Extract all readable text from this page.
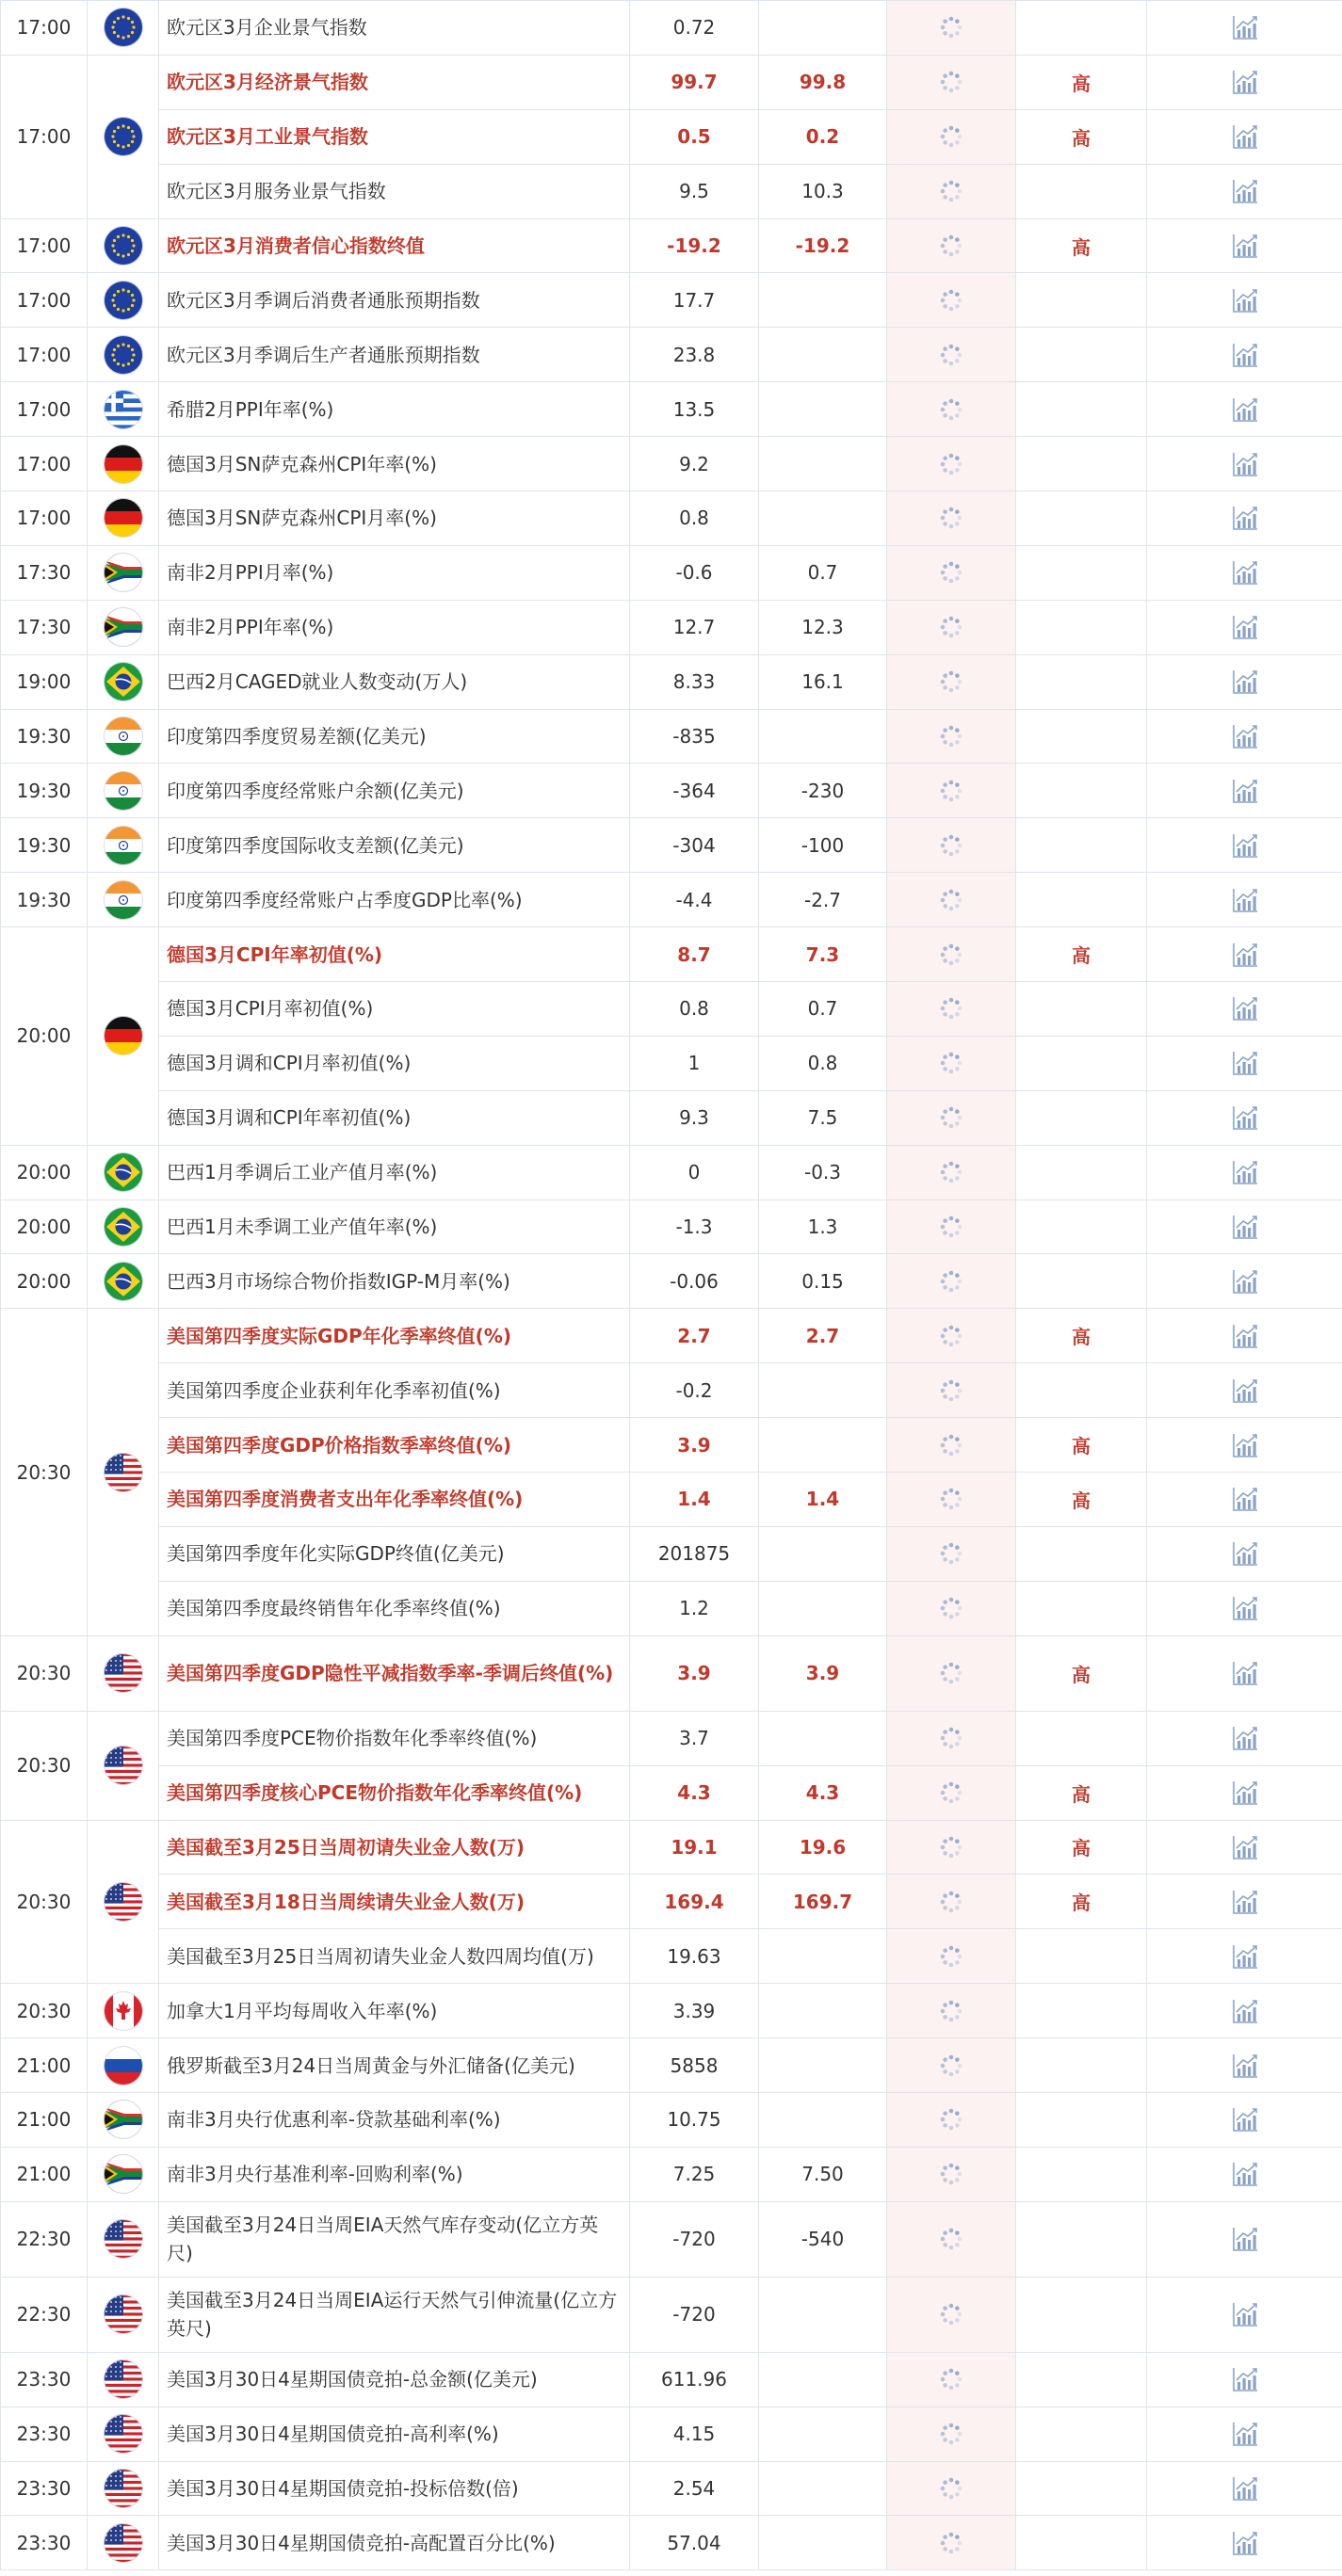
17:00		欧元区3月企业景气指数	0.72				
17:00		欧元区3月经济景气指数	99.7	99.8		高	
		欧元区3月工业景气指数	0.5	0.2		高	
		欧元区3月服务业景气指数	9.5	10.3			
17:00		欧元区3月消费者信心指数终值	-19.2	-19.2		高	
17:00		欧元区3月季调后消费者通胀预期指数	17.7				
17:00		欧元区3月季调后生产者通胀预期指数	23.8				
17:00		希腊2月PPI年率(%)	13.5				
17:00		德国3月SN萨克森州CPI年率(%)	9.2				
17:00		德国3月SN萨克森州CPI月率(%)	0.8				
17:30		南非2月PPI月率(%)	-0.6	0.7			
17:30		南非2月PPI年率(%)	12.7	12.3			
19:00		巴西2月CAGED就业人数变动(万人)	8.33	16.1			
19:30		印度第四季度贸易差额(亿美元)	-835				
19:30		印度第四季度经常账户余额(亿美元)	-364	-230			
19:30		印度第四季度国际收支差额(亿美元)	-304	-100			
19:30		印度第四季度经常账户占季度GDP比率(%)	-4.4	-2.7			
20:00		德国3月CPI年率初值(%)	8.7	7.3		高	
		德国3月CPI月率初值(%)	0.8	0.7			
		德国3月调和CPI月率初值(%)	1	0.8			
		德国3月调和CPI年率初值(%)	9.3	7.5			
20:00		巴西1月季调后工业产值月率(%)	0	-0.3			
20:00		巴西1月未季调工业产值年率(%)	-1.3	1.3			
20:00		巴西3月市场综合物价指数IGP-M月率(%)	-0.06	0.15			
20:30		美国第四季度实际GDP年化季率终值(%)	2.7	2.7		高	
		美国第四季度企业获利年化季率初值(%)	-0.2				
		美国第四季度GDP价格指数季率终值(%)	3.9			高	
		美国第四季度消费者支出年化季率终值(%)	1.4	1.4		高	
		美国第四季度年化实际GDP终值(亿美元)	201875				
		美国第四季度最终销售年化季率终值(%)	1.2				
20:30		美国第四季度GDP隐性平减指数季率-季调后终值(%)	3.9	3.9		高	
20:30		美国第四季度PCE物价指数年化季率终值(%)	3.7				
		美国第四季度核心PCE物价指数年化季率终值(%)	4.3	4.3		高	
20:30		美国截至3月25日当周初请失业金人数(万)	19.1	19.6		高	
		美国截至3月18日当周续请失业金人数(万)	169.4	169.7		高	
		美国截至3月25日当周初请失业金人数四周均值(万)	19.63				
20:30		加拿大1月平均每周收入年率(%)	3.39				
21:00		俄罗斯截至3月24日当周黄金与外汇储备(亿美元)	5858				
21:00		南非3月央行优惠利率-贷款基础利率(%)	10.75				
21:00		南非3月央行基准利率-回购利率(%)	7.25	7.50			
22:30		美国截至3月24日当周EIA天然气库存变动(亿立方英尺)	-720	-540			
22:30		美国截至3月24日当周EIA运行天然气引伸流量(亿立方英尺)	-720				
23:30		美国3月30日4星期国债竞拍-总金额(亿美元)	611.96				
23:30		美国3月30日4星期国债竞拍-高利率(%)	4.15				
23:30		美国3月30日4星期国债竞拍-投标倍数(倍)	2.54				
23:30		美国3月30日4星期国债竞拍-高配置百分比(%)	57.04				
